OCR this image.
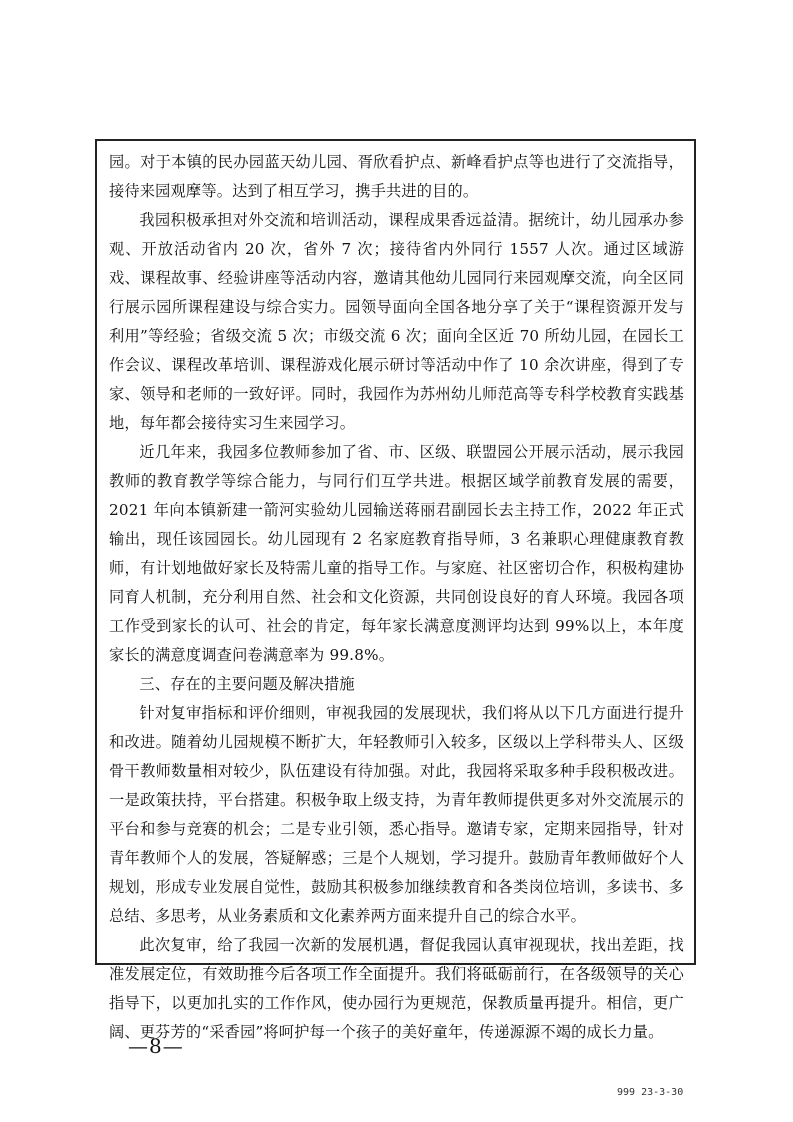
园。对于本镇的民办园蓝天幼儿园、胥欣看护点、新峰看护点等也进行了交流指导，接待来园观摩等。达到了相互学习，携手共进的目的。

我园积极承担对外交流和培训活动，课程成果香远益清。据统计，幼儿园承办参观、开放活动省内 20 次，省外 7 次；接待省内外同行 1557 人次。通过区域游戏、课程故事、经验讲座等活动内容，邀请其他幼儿园同行来园观摩交流，向全区同行展示园所课程建设与综合实力。园领导面向全国各地分享了关于“课程资源开发与利用”等经验；省级交流 5 次；市级交流 6 次；面向全区近 70 所幼儿园，在园长工作会议、课程改革培训、课程游戏化展示研讨等活动中作了 10 余次讲座，得到了专家、领导和老师的一致好评。同时，我园作为苏州幼儿师范高等专科学校教育实践基地，每年都会接待实习生来园学习。

近几年来，我园多位教师参加了省、市、区级、联盟园公开展示活动，展示我园教师的教育教学等综合能力，与同行们互学共进。根据区域学前教育发展的需要，2021 年向本镇新建一箭河实验幼儿园输送蒋丽君副园长去主持工作，2022 年正式输出，现任该园园长。幼儿园现有 2 名家庭教育指导师，3 名兼职心理健康教育教师，有计划地做好家长及特需儿童的指导工作。与家庭、社区密切合作，积极构建协同育人机制，充分利用自然、社会和文化资源，共同创设良好的育人环境。我园各项工作受到家长的认可、社会的肯定，每年家长满意度测评均达到 99%以上，本年度家长的满意度调查问卷满意率为 99.8%。

三、存在的主要问题及解决措施

针对复审指标和评价细则，审视我园的发展现状，我们将从以下几方面进行提升和改进。随着幼儿园规模不断扩大，年轻教师引入较多，区级以上学科带头人、区级骨干教师数量相对较少，队伍建设有待加强。对此，我园将采取多种手段积极改进。一是政策扶持，平台搭建。积极争取上级支持，为青年教师提供更多对外交流展示的平台和参与竞赛的机会；二是专业引领，悉心指导。邀请专家，定期来园指导，针对青年教师个人的发展，答疑解惑；三是个人规划，学习提升。鼓励青年教师做好个人规划，形成专业发展自觉性，鼓励其积极参加继续教育和各类岗位培训，多读书、多总结、多思考，从业务素质和文化素养两方面来提升自己的综合水平。

此次复审，给了我园一次新的发展机遇，督促我园认真审视现状，找出差距，找准发展定位，有效助推今后各项工作全面提升。我们将砥砺前行，在各级领导的关心指导下，以更加扎实的工作作风，使办园行为更规范，保教质量再提升。相信，更广阔、更芬芳的“采香园”将呵护每一个孩子的美好童年，传递源源不竭的成长力量。

—8—
999 23-3-30
